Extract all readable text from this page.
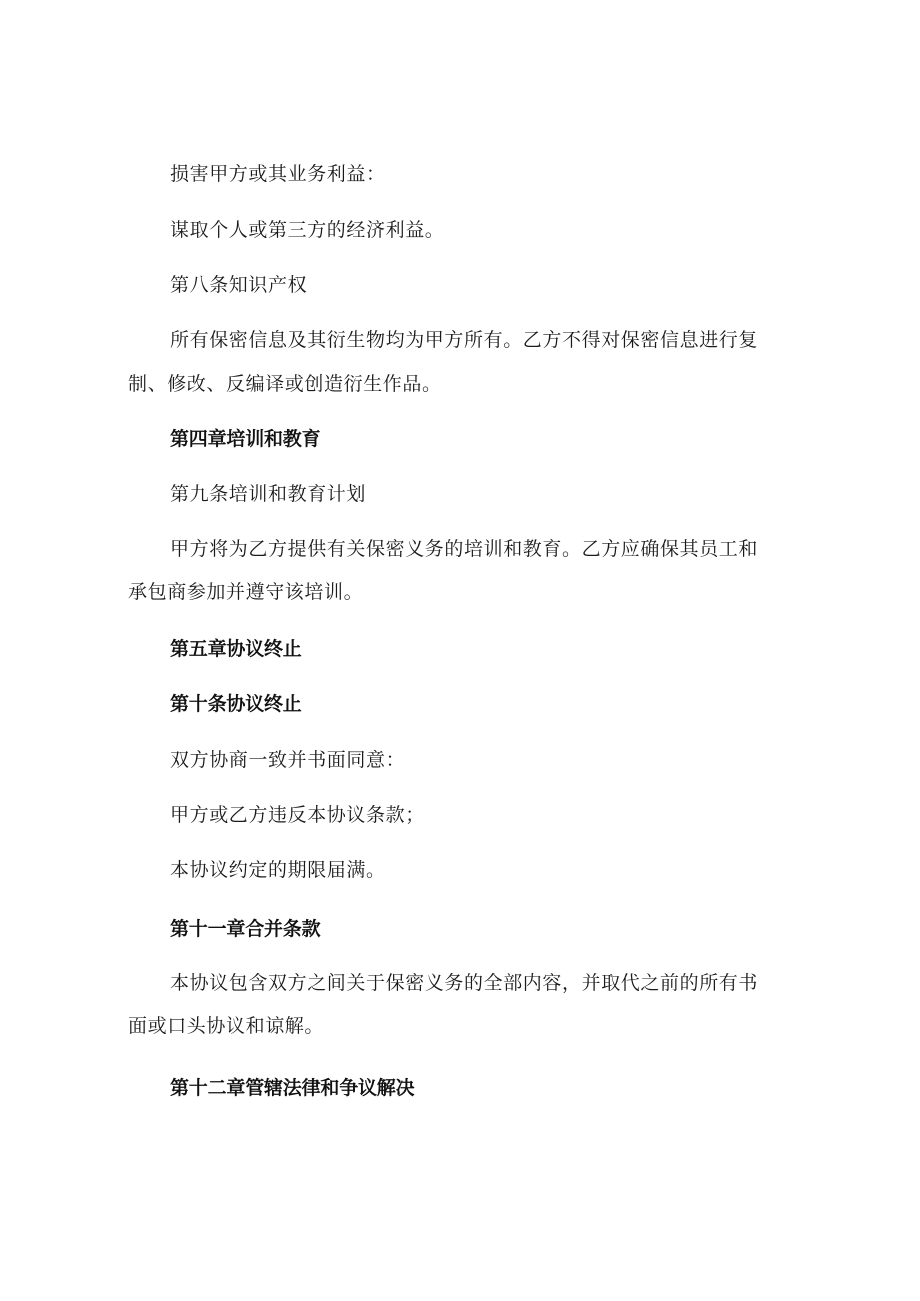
损害甲方或其业务利益：
谋取个人或第三方的经济利益。
第八条知识产权
所有保密信息及其衍生物均为甲方所有。乙方不得对保密信息进行复
制、修改、反编译或创造衍生作品。
第四章培训和教育
第九条培训和教育计划
甲方将为乙方提供有关保密义务的培训和教育。乙方应确保其员工和
承包商参加并遵守该培训。
第五章协议终止
第十条协议终止
双方协商一致并书面同意：
甲方或乙方违反本协议条款；
本协议约定的期限届满。
第十一章合并条款
本协议包含双方之间关于保密义务的全部内容，并取代之前的所有书
面或口头协议和谅解。
第十二章管辖法律和争议解决
